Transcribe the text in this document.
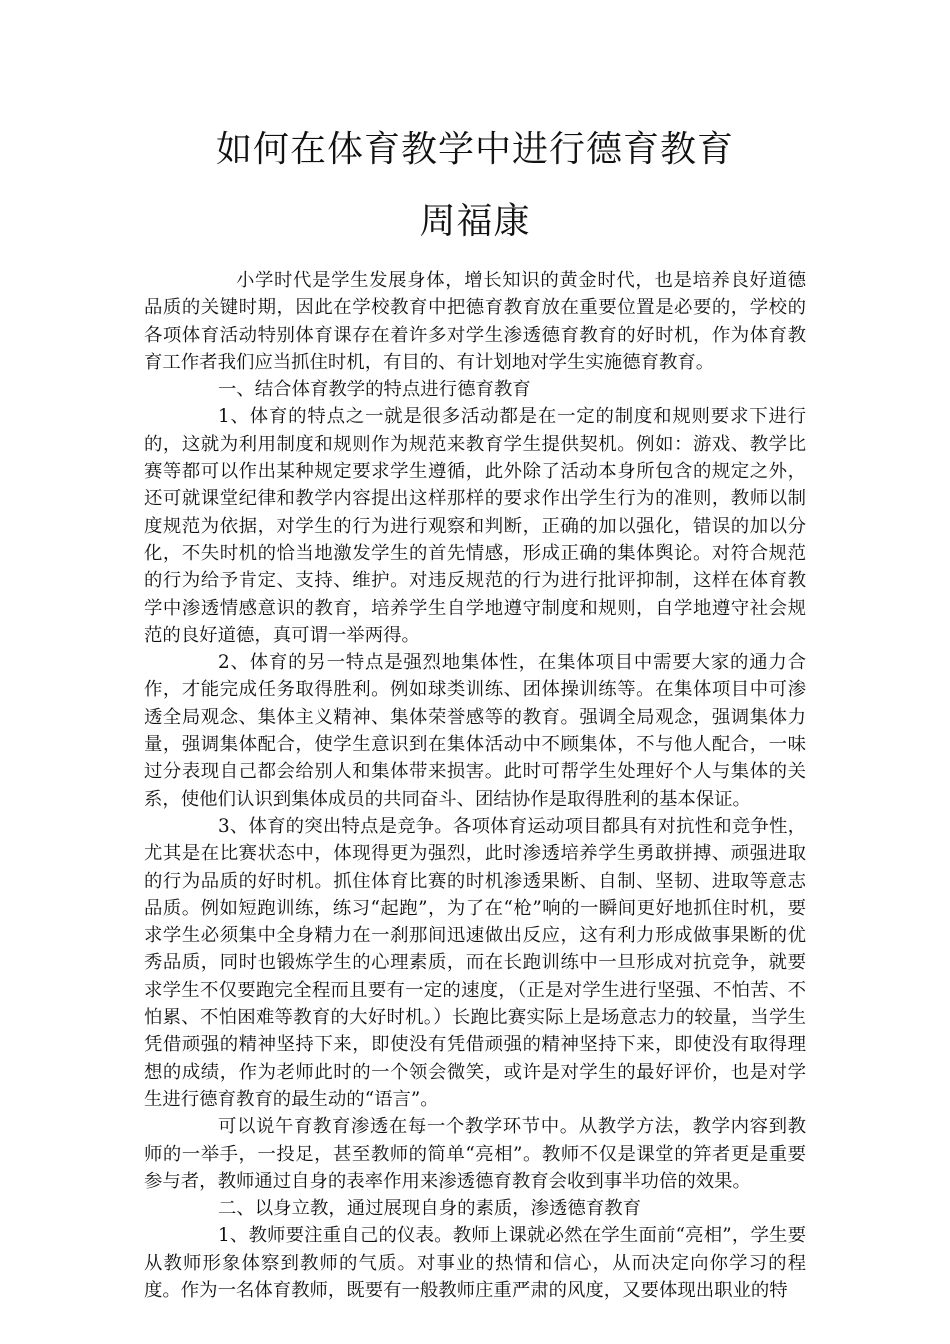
如何在体育教学中进行德育教育
周福康

小学时代是学生发展身体，增长知识的黄金时代，也是培养良好道德品质的关键时期，因此在学校教育中把德育教育放在重要位置是必要的，学校的各项体育活动特别体育课存在着许多对学生渗透德育教育的好时机，作为体育教育工作者我们应当抓住时机，有目的、有计划地对学生实施德育教育。

一、结合体育教学的特点进行德育教育

1、体育的特点之一就是很多活动都是在一定的制度和规则要求下进行的，这就为利用制度和规则作为规范来教育学生提供契机。例如：游戏、教学比赛等都可以作出某种规定要求学生遵循，此外除了活动本身所包含的规定之外，还可就课堂纪律和教学内容提出这样那样的要求作出学生行为的准则，教师以制度规范为依据，对学生的行为进行观察和判断，正确的加以强化，错误的加以分化，不失时机的恰当地激发学生的首先情感，形成正确的集体舆论。对符合规范的行为给予肯定、支持、维护。对违反规范的行为进行批评抑制，这样在体育教学中渗透情感意识的教育，培养学生自学地遵守制度和规则，自学地遵守社会规范的良好道德，真可谓一举两得。

2、体育的另一特点是强烈地集体性，在集体项目中需要大家的通力合作，才能完成任务取得胜利。例如球类训练、团体操训练等。在集体项目中可渗透全局观念、集体主义精神、集体荣誉感等的教育。强调全局观念，强调集体力量，强调集体配合，使学生意识到在集体活动中不顾集体，不与他人配合，一味过分表现自己都会给别人和集体带来损害。此时可帮学生处理好个人与集体的关系，使他们认识到集体成员的共同奋斗、团结协作是取得胜利的基本保证。

3、体育的突出特点是竞争。各项体育运动项目都具有对抗性和竞争性，尤其是在比赛状态中，体现得更为强烈，此时渗透培养学生勇敢拼搏、顽强进取的行为品质的好时机。抓住体育比赛的时机渗透果断、自制、坚韧、进取等意志品质。例如短跑训练，练习“起跑”，为了在“枪”响的一瞬间更好地抓住时机，要求学生必须集中全身精力在一刹那间迅速做出反应，这有利力形成做事果断的优秀品质，同时也锻炼学生的心理素质，而在长跑训练中一旦形成对抗竞争，就要求学生不仅要跑完全程而且要有一定的速度，（正是对学生进行坚强、不怕苦、不怕累、不怕困难等教育的大好时机。）长跑比赛实际上是场意志力的较量，当学生凭借顽强的精神坚持下来，即使没有凭借顽强的精神坚持下来，即使没有取得理想的成绩，作为老师此时的一个领会微笑，或许是对学生的最好评价，也是对学生进行德育教育的最生动的“语言”。

可以说午育教育渗透在每一个教学环节中。从教学方法，教学内容到教师的一举手，一投足，甚至教师的简单“亮相”。教师不仅是课堂的笄者更是重要参与者，教师通过自身的表率作用来渗透德育教育会收到事半功倍的效果。

二、以身立教，通过展现自身的素质，渗透德育教育

1、教师要注重自己的仪表。教师上课就必然在学生面前“亮相”，学生要从教师形象体察到教师的气质。对事业的热情和信心，从而决定向你学习的程度。作为一名体育教师，既要有一般教师庄重严肃的风度，又要体现出职业的特
